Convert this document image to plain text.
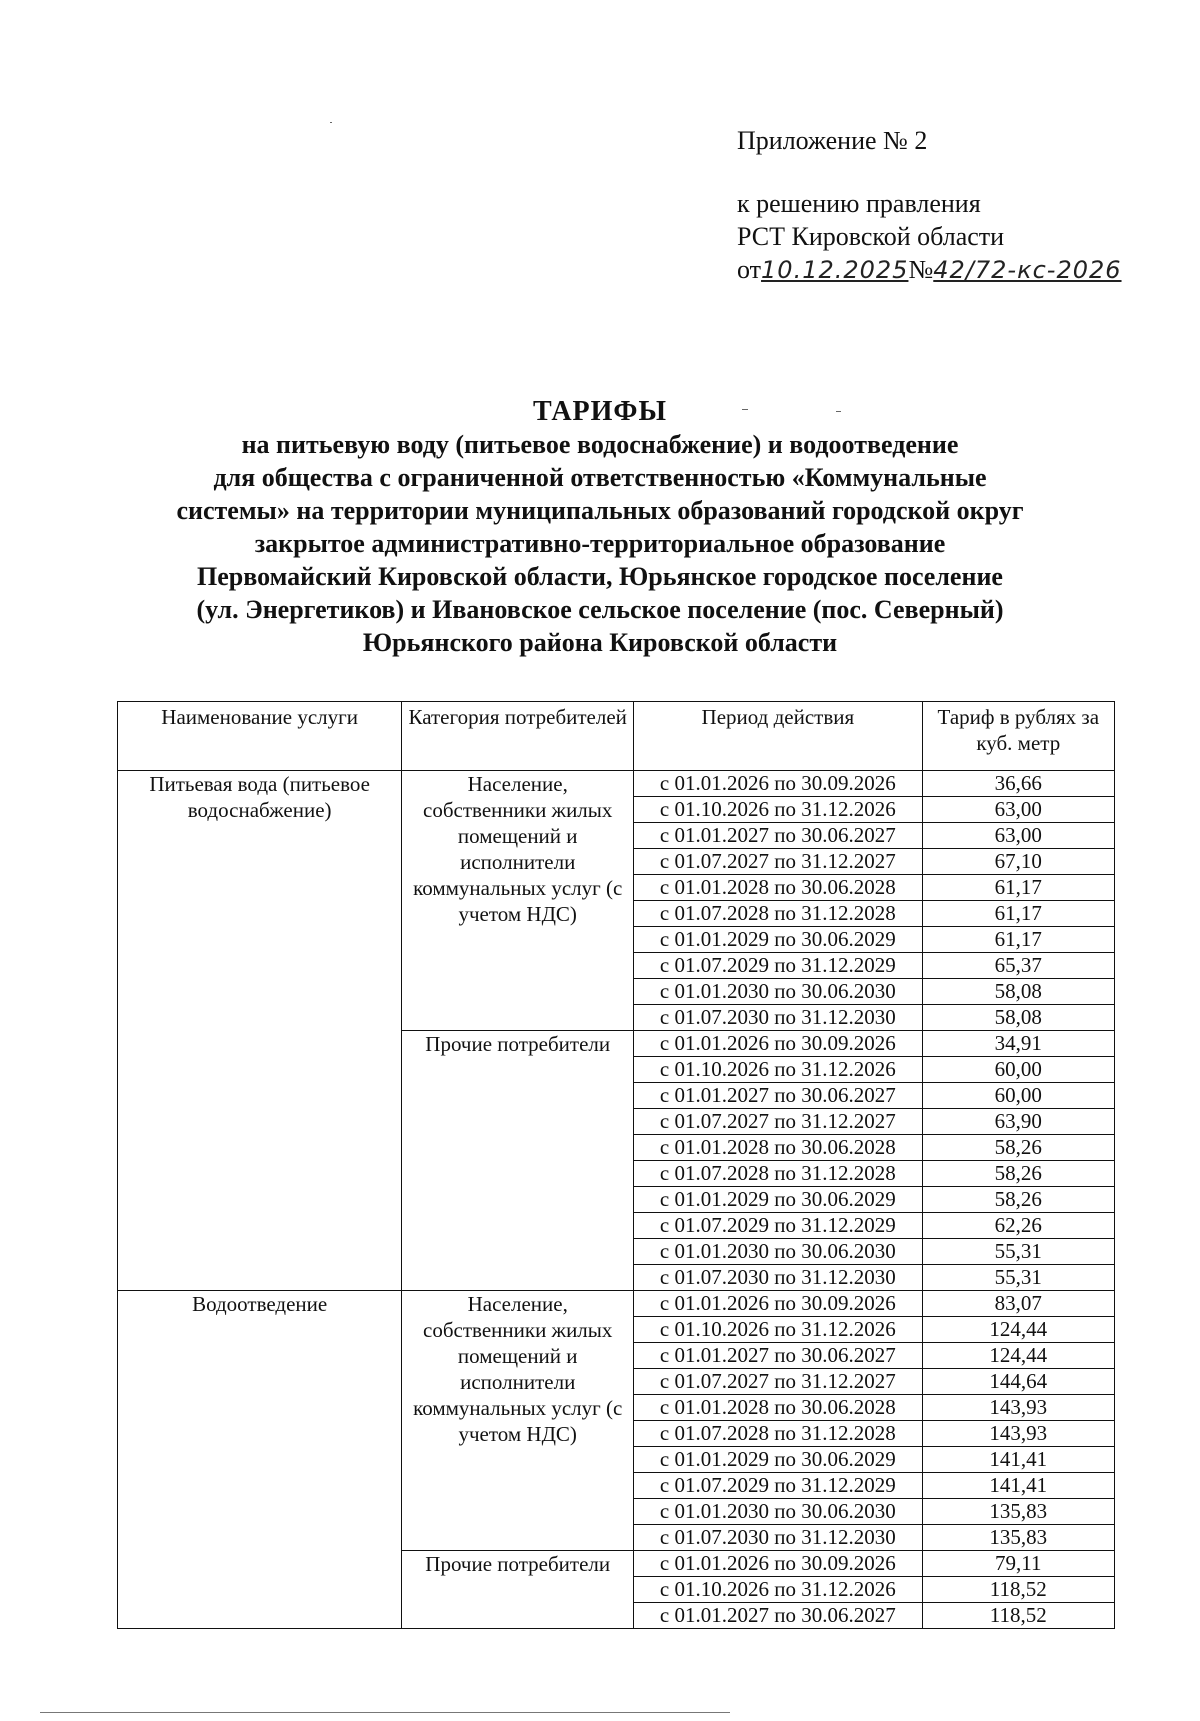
Приложение № 2
к решению правления
РСТ Кировской области
от10.12.2025№42/72-кс-2026
ТАРИФЫ
на питьевую воду (питьевое водоснабжение) и водоотведение
для общества с ограниченной ответственностью «Коммунальные
системы» на территории муниципальных образований городской округ
закрытое административно-территориальное образование
Первомайский Кировской области, Юрьянское городское поселение
(ул. Энергетиков) и Ивановское сельское поселение (пос. Северный)
Юрьянского района Кировской области
Наименование услуги	Категория потребителей	Период действия	Тариф в рублях за куб. метр
Питьевая вода (питьевое водоснабжение)	Население, собственники жилых помещений и исполнители коммунальных услуг (с учетом НДС)	с 01.01.2026 по 30.09.2026	36,66
		с 01.10.2026 по 31.12.2026	63,00
		с 01.01.2027 по 30.06.2027	63,00
		с 01.07.2027 по 31.12.2027	67,10
		с 01.01.2028 по 30.06.2028	61,17
		с 01.07.2028 по 31.12.2028	61,17
		с 01.01.2029 по 30.06.2029	61,17
		с 01.07.2029 по 31.12.2029	65,37
		с 01.01.2030 по 30.06.2030	58,08
		с 01.07.2030 по 31.12.2030	58,08
	Прочие потребители	с 01.01.2026 по 30.09.2026	34,91
		с 01.10.2026 по 31.12.2026	60,00
		с 01.01.2027 по 30.06.2027	60,00
		с 01.07.2027 по 31.12.2027	63,90
		с 01.01.2028 по 30.06.2028	58,26
		с 01.07.2028 по 31.12.2028	58,26
		с 01.01.2029 по 30.06.2029	58,26
		с 01.07.2029 по 31.12.2029	62,26
		с 01.01.2030 по 30.06.2030	55,31
		с 01.07.2030 по 31.12.2030	55,31
Водоотведение	Население, собственники жилых помещений и исполнители коммунальных услуг (с учетом НДС)	с 01.01.2026 по 30.09.2026	83,07
		с 01.10.2026 по 31.12.2026	124,44
		с 01.01.2027 по 30.06.2027	124,44
		с 01.07.2027 по 31.12.2027	144,64
		с 01.01.2028 по 30.06.2028	143,93
		с 01.07.2028 по 31.12.2028	143,93
		с 01.01.2029 по 30.06.2029	141,41
		с 01.07.2029 по 31.12.2029	141,41
		с 01.01.2030 по 30.06.2030	135,83
		с 01.07.2030 по 31.12.2030	135,83
	Прочие потребители	с 01.01.2026 по 30.09.2026	79,11
		с 01.10.2026 по 31.12.2026	118,52
		с 01.01.2027 по 30.06.2027	118,52
